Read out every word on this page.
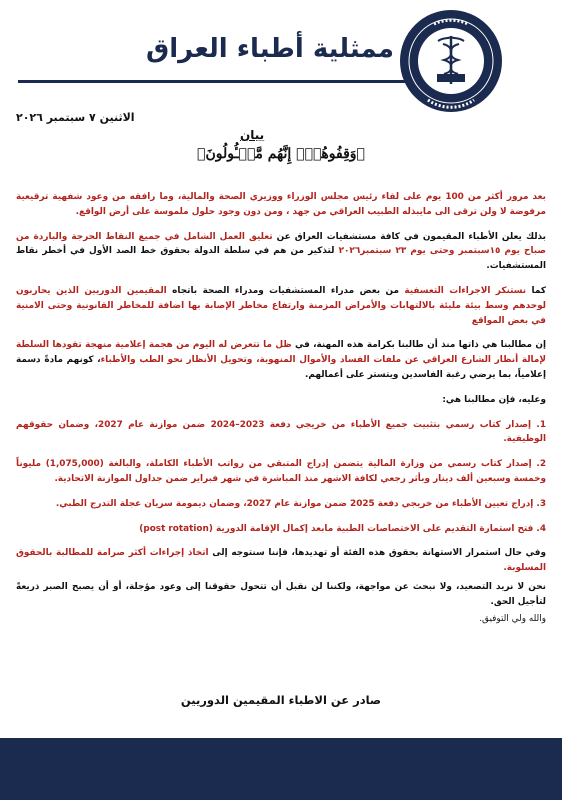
ممثلية أطباء العراق
الاثنين ٧ سبتمبر ٢٠٢٦
بيان
﴿وَقِفُوهُمۡۖ إِنَّهُم مَّسۡـُٔولُونَ﴾

بعد مرور أكثر من 100 يوم على لقاء رئيس مجلس الوزراء ووزيري الصحة والمالية، وما رافقه من وعود شفهية ترقيعية مرفوضة لا ولن ترقى الى مايبذله الطبيب العراقي من جهد ، ومن دون وجود حلول ملموسة على أرض الواقع.

بذلك يعلن الأطباء المقيمون في كافة مستشفيات العراق عن تعليق العمل الشامل في جميع النقاط الحرجة والباردة من صباح يوم ١٥سبتمبر وحتى يوم ٢٣ سبتمبر٢٠٢٦ لتذكير من هم في سلطة الدولة بحقوق خط الصد الأول في أخطر نقاط المستشفيات.

كما نستنكر الاجراءات التعسفية من بعض مدراء المستشفيات ومدراء الصحة باتجاه المقيمين الدوريين الذين يحاربون لوحدهم وسط بيئة مليئة بالالتهابات والأمراض المزمنة وارتفاع مخاطر الإصابة بها اضافة للمخاطر القانونية وحتى الامنية في بعض المواقع

إن مطالبنا هي ذاتها منذ أن طالبنا بكرامة هذه المهنة، في ظل ما تتعرض له اليوم من هجمة إعلامية منهجة تقودها السلطة لإمالة أنظار الشارع العراقي عن ملفات الفساد والأموال المنهوبة، وتحويل الأنظار نحو الطب والأطباء، كونهم مادةً دسمة إعلامياً، بما يرضي رغبة الفاسدين ويتستر على أعمالهم.

وعليه، فإن مطالبنا هي:

1. إصدار كتاب رسمي بتثبيت جميع الأطباء من خريجي دفعة 2023–2024 ضمن موازنة عام 2027، وضمان حقوقهم الوظيفية.

2. إصدار كتاب رسمي من وزارة المالية يتضمن إدراج المتبقي من رواتب الأطباء الكاملة، والبالغة (1,075,000) مليوناً وخمسة وسبعين ألف دينار وبأثر رجعي لكافة الاشهر منذ المباشرة في شهر فبراير ضمن جداول الموازنة الاتحادية.

3. إدراج تعيين الأطباء من خريجي دفعة 2025 ضمن موازنة عام 2027، وضمان ديمومة سريان عجلة التدرج الطبي.

4. فتح استمارة التقديم على الاختصاصات الطبية مابعد إكمال الإقامة الدورية (post rotation)

وفي حال استمرار الاستهانة بحقوق هذه الفئة أو تهديدها، فإننا سنتوجه إلى اتخاذ إجراءات أكثر صرامة للمطالبة بالحقوق المسلوبة.

نحن لا نريد التصعيد، ولا نبحث عن مواجهة، ولكننا لن نقبل أن تتحول حقوقنا إلى وعود مؤجلة، أو أن يصبح الصبر ذريعةً لتأجيل الحق.

والله ولي التوفيق.

صادر عن الاطباء المقيمين الدوريين
